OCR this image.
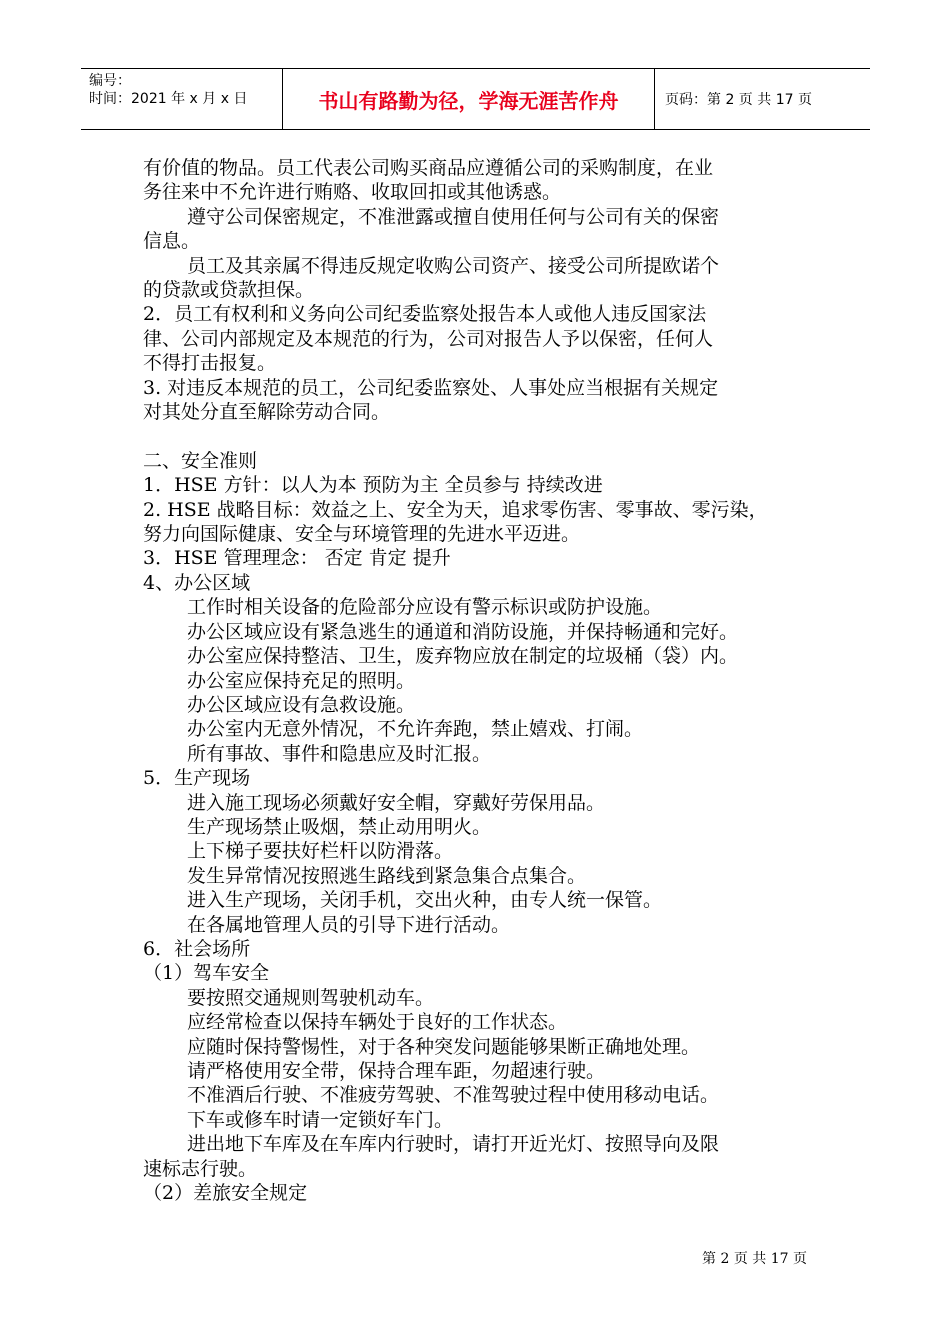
编号：
时间：2021 年 x 月 x 日	书山有路勤为径，学海无涯苦作舟	页码：第 2 页 共 17 页

有价值的物品。员工代表公司购买商品应遵循公司的采购制度，在业

务往来中不允许进行贿赂、收取回扣或其他诱惑。

遵守公司保密规定，不准泄露或擅自使用任何与公司有关的保密

信息。

员工及其亲属不得违反规定收购公司资产、接受公司所提欧诺个

的贷款或贷款担保。

2．员工有权利和义务向公司纪委监察处报告本人或他人违反国家法

律、公司内部规定及本规范的行为，公司对报告人予以保密，任何人

不得打击报复。

3. 对违反本规范的员工，公司纪委监察处、人事处应当根据有关规定

对其处分直至解除劳动合同。

二、安全准则

1．HSE 方针：以人为本 预防为主 全员参与 持续改进

2. HSE 战略目标：效益之上、安全为天，追求零伤害、零事故、零污染，

努力向国际健康、安全与环境管理的先进水平迈进。

3．HSE 管理理念： 否定 肯定 提升

4、办公区域

工作时相关设备的危险部分应设有警示标识或防护设施。

办公区域应设有紧急逃生的通道和消防设施，并保持畅通和完好。

办公室应保持整洁、卫生，废弃物应放在制定的垃圾桶（袋）内。

办公室应保持充足的照明。

办公区域应设有急救设施。

办公室内无意外情况，不允许奔跑，禁止嬉戏、打闹。

所有事故、事件和隐患应及时汇报。

5．生产现场

进入施工现场必须戴好安全帽，穿戴好劳保用品。

生产现场禁止吸烟，禁止动用明火。

上下梯子要扶好栏杆以防滑落。

发生异常情况按照逃生路线到紧急集合点集合。

进入生产现场，关闭手机，交出火种，由专人统一保管。

在各属地管理人员的引导下进行活动。

6．社会场所

（1）驾车安全

要按照交通规则驾驶机动车。

应经常检查以保持车辆处于良好的工作状态。

应随时保持警惕性，对于各种突发问题能够果断正确地处理。

请严格使用安全带，保持合理车距，勿超速行驶。

不准酒后行驶、不准疲劳驾驶、不准驾驶过程中使用移动电话。

下车或修车时请一定锁好车门。

进出地下车库及在车库内行驶时，请打开近光灯、按照导向及限

速标志行驶。

（2）差旅安全规定

第 2 页 共 17 页
